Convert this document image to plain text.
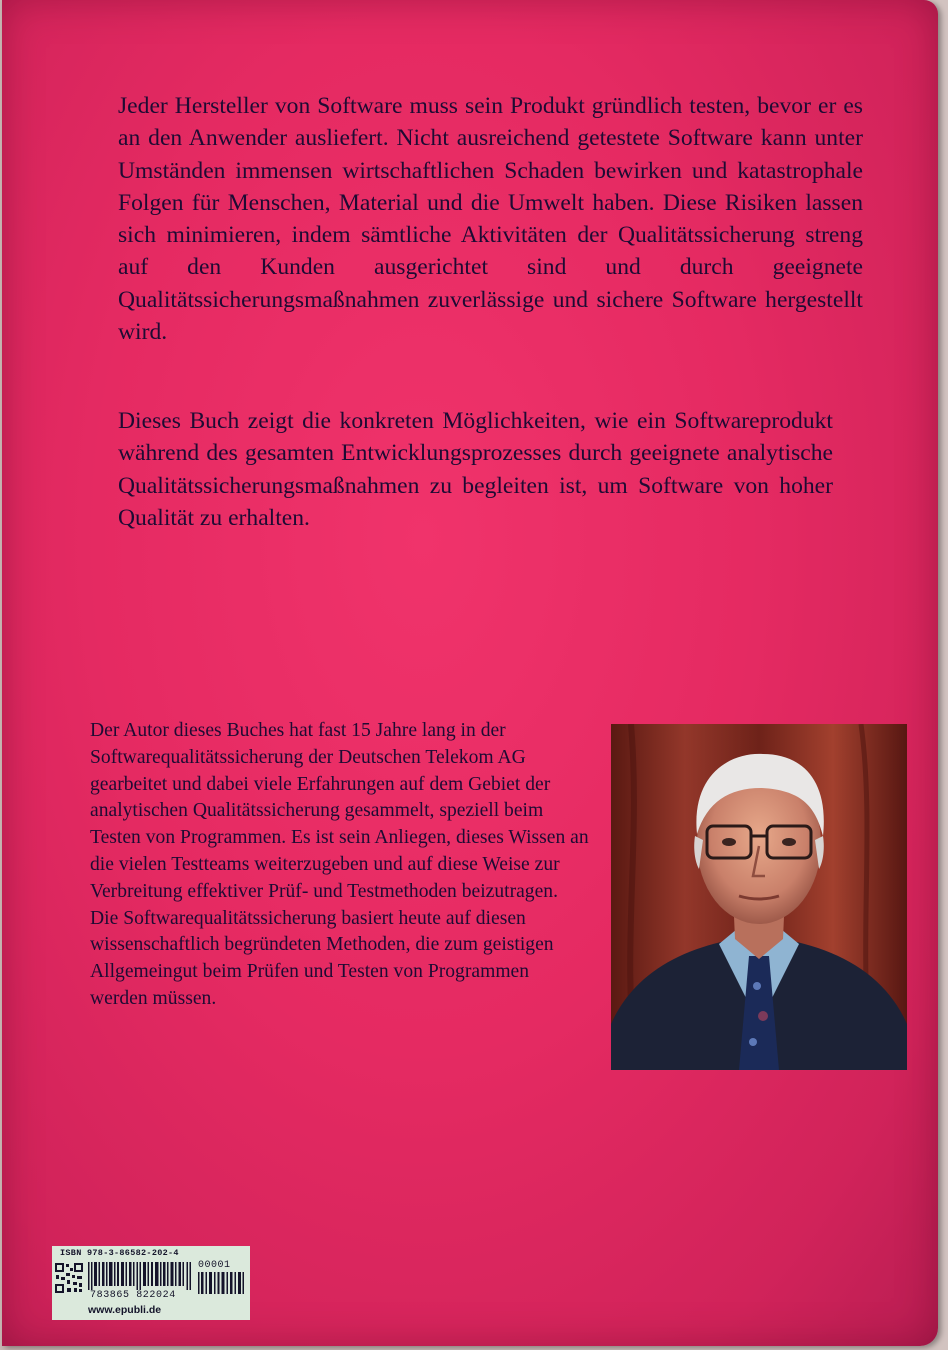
Jeder Hersteller von Software muss sein Produkt gründlich testen, bevor er es an den Anwender ausliefert. Nicht ausreichend getestete Software kann unter Umständen immensen wirtschaftlichen Schaden bewirken und katastrophale Folgen für Menschen, Material und die Umwelt haben. Diese Risiken lassen sich minimieren, indem sämtliche Aktivitäten der Qualitätssicherung streng auf den Kunden ausgerichtet sind und durch geeignete Qualitätssicherungsmaßnahmen zuverlässige und sichere Software hergestellt wird.

Dieses Buch zeigt die konkreten Möglichkeiten, wie ein Softwareprodukt während des gesamten Entwicklungsprozesses durch geeignete analytische Qualitätssicherungsmaßnahmen zu begleiten ist, um Software von hoher Qualität zu erhalten.

Der Autor dieses Buches hat fast 15 Jahre lang in der Softwarequalitätssicherung der Deutschen Telekom AG gearbeitet und dabei viele Erfahrungen auf dem Gebiet der analytischen Qualitätssicherung gesammelt, speziell beim Testen von Programmen. Es ist sein Anliegen, dieses Wissen an die vielen Testteams weiterzugeben und auf diese Weise zur Verbreitung effektiver Prüf- und Testmethoden beizutragen. Die Softwarequalitätssicherung basiert heute auf diesen wissenschaftlich begründeten Methoden, die zum geistigen Allgemeingut beim Prüfen und Testen von Programmen werden müssen.

ISBN 978-3-86582-202-4
00001
783865 822024
www.epubli.de
